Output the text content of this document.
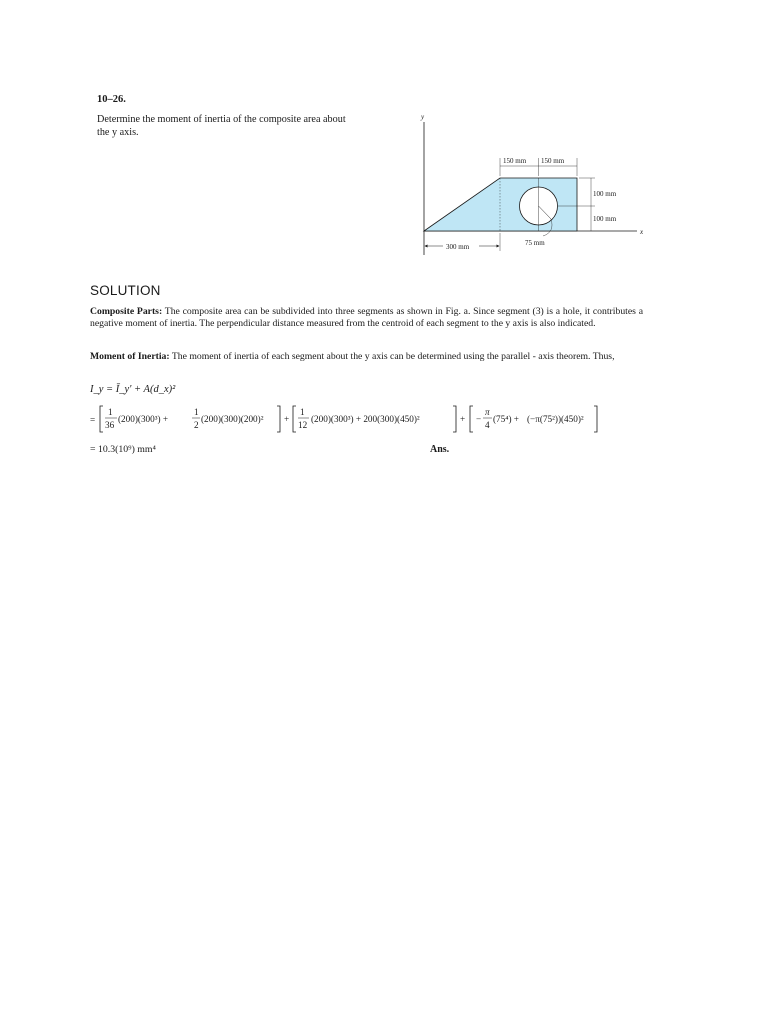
10–26.
Determine the moment of inertia of the composite area about the y axis.
y
x
150 mm 150 mm
100 mm
100 mm
300 mm	75 mm
SOLUTION
Composite Parts: The composite area can be subdivided into three segments as shown in Fig. a. Since segment (3) is a hole, it contributes a negative moment of inertia. The perpendicular distance measured from the centroid of each segment to the y axis is also indicated.
Moment of Inertia: The moment of inertia of each segment about the y axis can be determined using the parallel - axis theorem. Thus,
I_y = Ī_y' + A(d_x)²
=
1
36
(200)(300³) +
1
2
(200)(300)(200)² +
1
12
(200)(300³) + 200(300)(450)²	+ −
π
4
(75⁴) + (−π(75²))(450)²
= 10.3(10⁹) mm⁴	Ans.
